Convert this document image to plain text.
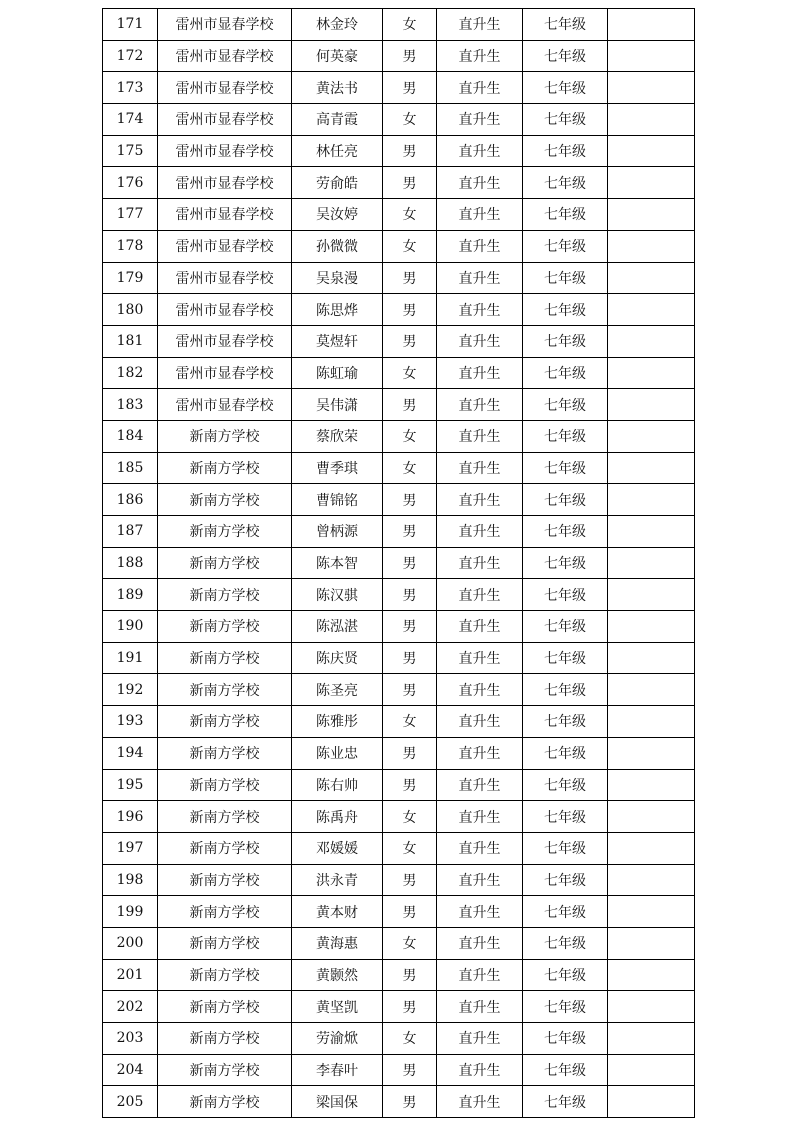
171	雷州市显春学校	林金玲	女	直升生	七年级	
172	雷州市显春学校	何英豪	男	直升生	七年级	
173	雷州市显春学校	黄法书	男	直升生	七年级	
174	雷州市显春学校	高青霞	女	直升生	七年级	
175	雷州市显春学校	林任亮	男	直升生	七年级	
176	雷州市显春学校	劳俞皓	男	直升生	七年级	
177	雷州市显春学校	吴汝婷	女	直升生	七年级	
178	雷州市显春学校	孙微微	女	直升生	七年级	
179	雷州市显春学校	吴泉漫	男	直升生	七年级	
180	雷州市显春学校	陈思烨	男	直升生	七年级	
181	雷州市显春学校	莫煜轩	男	直升生	七年级	
182	雷州市显春学校	陈虹瑜	女	直升生	七年级	
183	雷州市显春学校	吴伟潇	男	直升生	七年级	
184	新南方学校	蔡欣荣	女	直升生	七年级	
185	新南方学校	曹季琪	女	直升生	七年级	
186	新南方学校	曹锦铭	男	直升生	七年级	
187	新南方学校	曾柄源	男	直升生	七年级	
188	新南方学校	陈本智	男	直升生	七年级	
189	新南方学校	陈汉骐	男	直升生	七年级	
190	新南方学校	陈泓湛	男	直升生	七年级	
191	新南方学校	陈庆贤	男	直升生	七年级	
192	新南方学校	陈圣亮	男	直升生	七年级	
193	新南方学校	陈雅彤	女	直升生	七年级	
194	新南方学校	陈业忠	男	直升生	七年级	
195	新南方学校	陈右帅	男	直升生	七年级	
196	新南方学校	陈禹舟	女	直升生	七年级	
197	新南方学校	邓媛媛	女	直升生	七年级	
198	新南方学校	洪永青	男	直升生	七年级	
199	新南方学校	黄本财	男	直升生	七年级	
200	新南方学校	黄海惠	女	直升生	七年级	
201	新南方学校	黄颢然	男	直升生	七年级	
202	新南方学校	黄坚凯	男	直升生	七年级	
203	新南方学校	劳渝焮	女	直升生	七年级	
204	新南方学校	李春叶	男	直升生	七年级	
205	新南方学校	梁国保	男	直升生	七年级	
